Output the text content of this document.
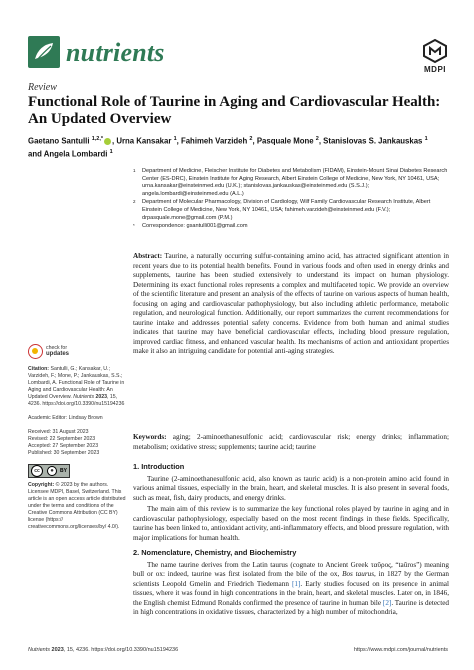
nutrients
MDPI
Review
Functional Role of Taurine in Aging and Cardiovascular Health: An Updated Overview
Gaetano Santulli $^{1,2,*}$ , Urna Kansakar $^1$, Fahimeh Varzideh $^2$, Pasquale Mone $^2$, Stanislovas S. Jankauskas $^1$
and Angela Lombardi $^1$
1 Department of Medicine, Fleischer Institute for Diabetes and Metabolism (FIDAM), Einstein-Mount Sinai Diabetes Research Center (ES-DRC), Einstein Institute for Aging Research, Albert Einstein College of Medicine, New York, NY 10461, USA; urna.kansakar@einsteinmed.edu (U.K.); stanislovas.jankauskas@einsteinmed.edu (S.S.J.); angela.lombardi@einsteinmed.edu (A.L.)
2 Department of Molecular Pharmacology, Division of Cardiology, Wilf Family Cardiovascular Research Institute, Albert Einstein College of Medicine, New York, NY 10461, USA; fahimeh.varzideh@einsteinmed.edu (F.V.); drpasquale.mone@gmail.com (P.M.)
* Correspondence: gsantulli001@gmail.com
Abstract: Taurine, a naturally occurring sulfur-containing amino acid, has attracted significant attention in recent years due to its potential health benefits. Found in various foods and often used in energy drinks and supplements, taurine has been studied extensively to understand its impact on human physiology. Determining its exact functional roles represents a complex and multifaceted topic. We provide an overview of the scientific literature and present an analysis of the effects of taurine on various aspects of human health, focusing on aging and cardiovascular pathophysiology, but also including athletic performance, metabolic regulation, and neurological function. Additionally, our report summarizes the current recommendations for taurine intake and addresses potential safety concerns. Evidence from both human and animal studies indicates that taurine may have beneficial cardiovascular effects, including blood pressure regulation, improved cardiac fitness, and enhanced vascular health. Its mechanisms of action and antioxidant properties make it also an intriguing candidate for potential anti-aging strategies.
Keywords: aging; 2-aminoethanesulfonic acid; cardiovascular risk; energy drinks; inflammation; metabolism; oxidative stress; supplements; taurine acid; taurine
check for
updates
Citation: Santulli, G.; Kansakar, U.; Varzideh, F.; Mone, P.; Jankauskas, S.S.; Lombardi, A. Functional Role of Taurine in Aging and Cardiovascular Health: An Updated Overview. Nutrients 2023, 15, 4236. https://doi.org/10.3390/nu15194236
Academic Editor: Lindsay Brown
Received: 31 August 2023
Revised: 22 September 2023
Accepted: 27 September 2023
Published: 30 September 2023
cc	●	BY
Copyright: © 2023 by the authors. Licensee MDPI, Basel, Switzerland. This article is an open access article distributed under the terms and conditions of the Creative Commons Attribution (CC BY) license (https:// creativecommons.org/licenses/by/ 4.0/).
1. Introduction

Taurine (2-aminoethanesulfonic acid, also known as tauric acid) is a non-protein amino acid found in various animal tissues, especially in the brain, heart, and skeletal muscles. It is also present in several foods, such as meat, fish, dairy products, and energy drinks.

The main aim of this review is to summarize the key functional roles played by taurine in aging and in cardiovascular pathophysiology, especially based on the most recent findings in these fields. Specifically, taurine has been linked to, antioxidant activity, anti-inflammatory effects, and blood pressure regulation, with major implications for human health.

2. Nomenclature, Chemistry, and Biochemistry

The name taurine derives from the Latin taurus (cognate to Ancient Greek ταῦρος, “taûros”) meaning bull or ox: indeed, taurine was first isolated from the bile of the ox, Bos taurus, in 1827 by the German scientists Leopold Gmelin and Friedrich Tiedemann [1]. Early studies focused on its presence in animal tissues, where it was found in high concentrations in the brain, heart, and skeletal muscles. Later on, in 1846, the English chemist Edmund Ronalds confirmed the presence of taurine in human bile [2]. Taurine is detected in high concentrations in oxidative tissues, characterized by a high number of mitochondria,

Nutrients 2023, 15, 4236. https://doi.org/10.3390/nu15194236	https://www.mdpi.com/journal/nutrients
